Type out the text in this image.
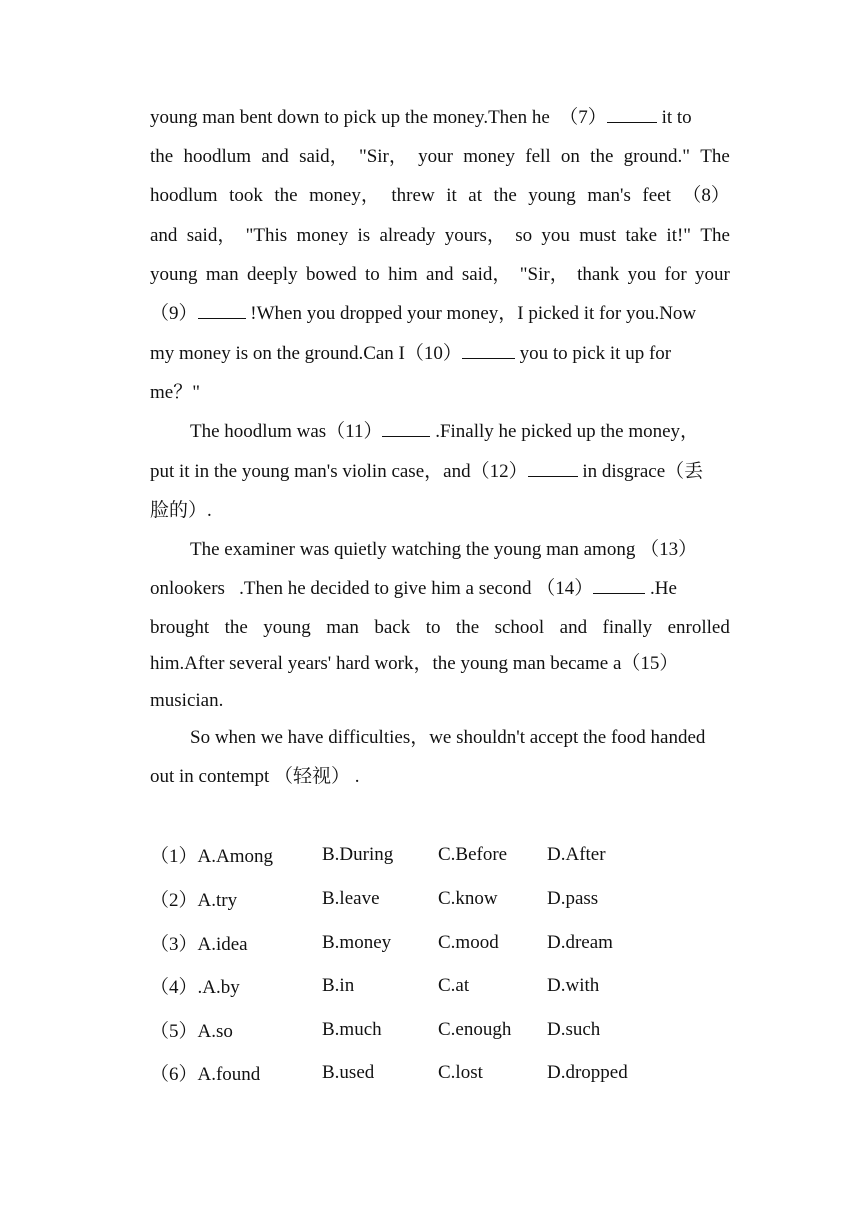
young man bent down to pick up the money.Then he  （7）	it to
the hoodlum and said， "Sir， your money fell on the ground." The
hoodlum took the money， threw it at the young man's feet （8）
and said， "This money is already yours， so you must take it!" The
young man deeply bowed to him and said， "Sir， thank you for your
（9）	!When you dropped your money，I picked it for you.Now
my money is on the ground.Can I（10）	you to pick it up for
me？"
The hoodlum was（11）	.Finally he picked up the money，
put it in the young man's violin case，and（12）	in disgrace（丢
脸的）.
The examiner was quietly watching the young man among （13）
onlookers   .Then he decided to give him a second （14）	.He
brought the young man back to the school and finally enrolled
him.After several years' hard work，the young man became a（15）
musician.
So when we have difficulties，we shouldn't accept the food handed
out in contempt （轻视） .
（1）A.Among	B.During C.Before D.After
（2）A.try	B.leave	C.know	D.pass
（3）A.idea	B.money C.mood	D.dream
（4）.A.by	B.in	C.at	D.with
（5）A.so	B.much	C.enough D.such
（6）A.found	B.used	C.lost	D.dropped
